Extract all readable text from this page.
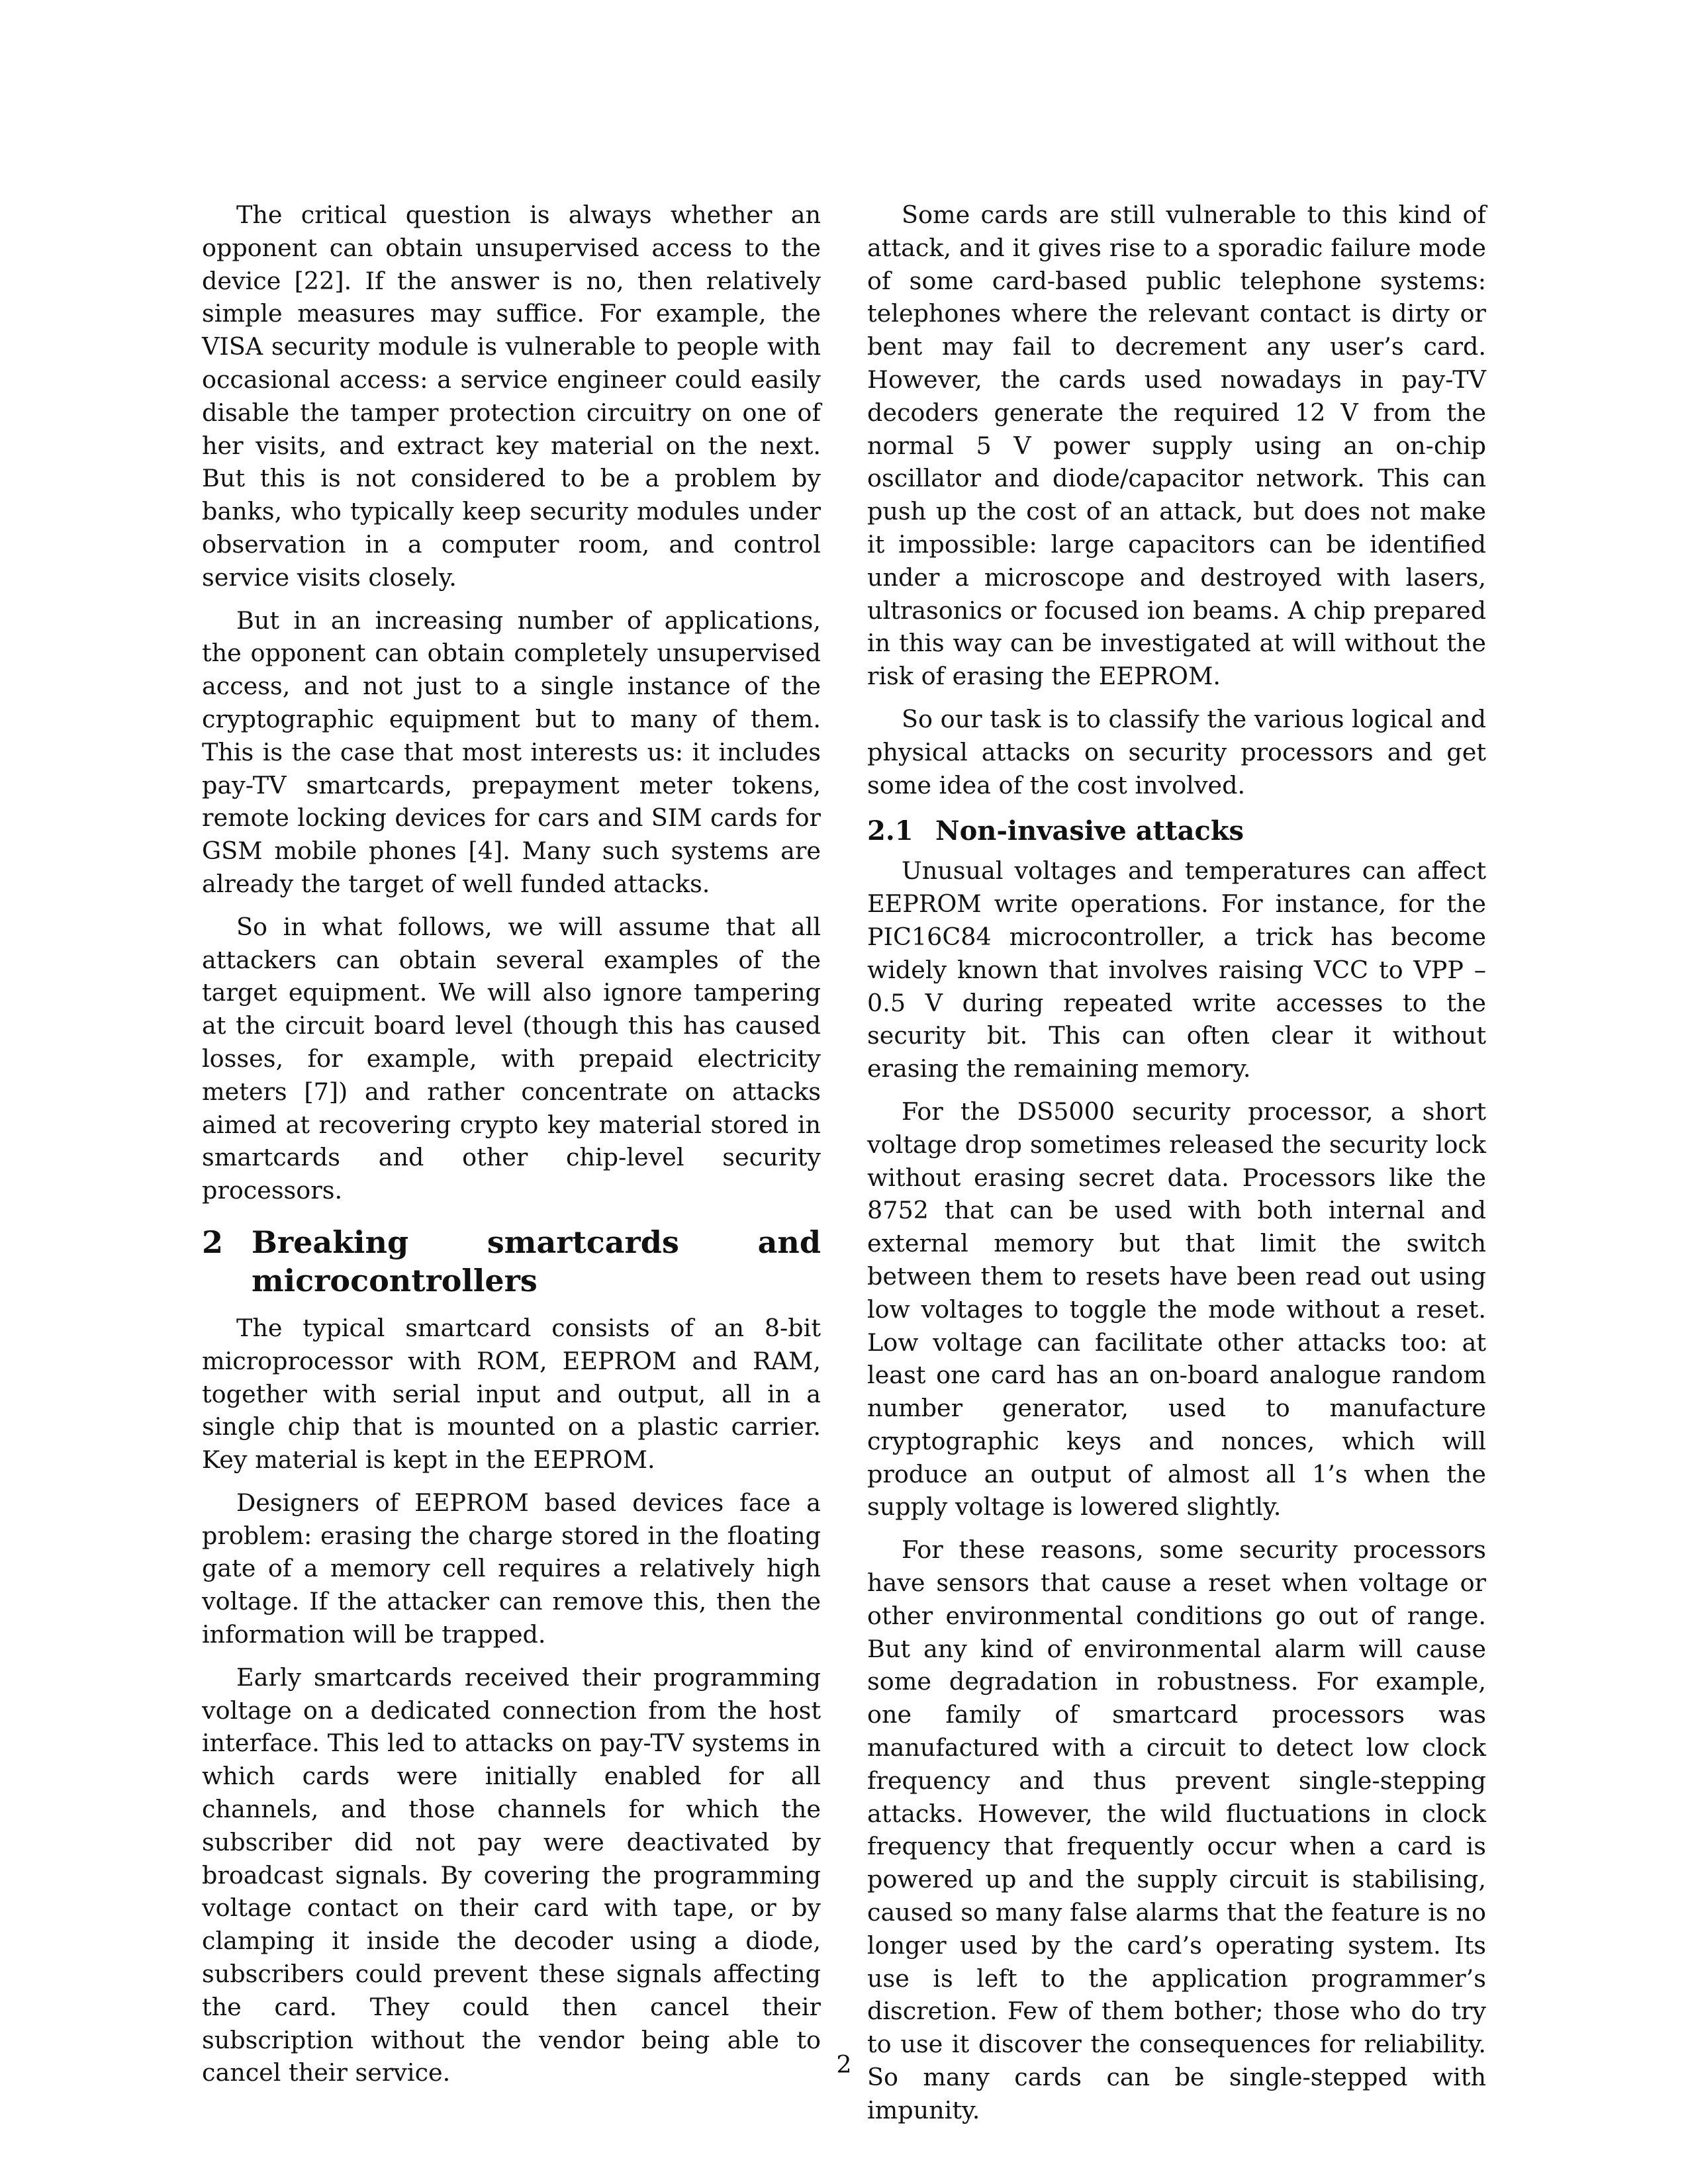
The critical question is always whether an opponent can obtain unsupervised access to the device [22]. If the answer is no, then relatively simple measures may suffice. For example, the VISA security module is vulnerable to people with occasional access: a service engineer could easily disable the tamper protection circuitry on one of her visits, and extract key material on the next. But this is not considered to be a problem by banks, who typically keep security modules under observation in a computer room, and control service visits closely.

But in an increasing number of applications, the opponent can obtain completely unsupervised access, and not just to a single instance of the cryptographic equipment but to many of them. This is the case that most interests us: it includes pay-TV smartcards, prepayment meter tokens, remote locking devices for cars and SIM cards for GSM mobile phones [4]. Many such systems are already the target of well funded attacks.

So in what follows, we will assume that all attackers can obtain several examples of the target equipment. We will also ignore tampering at the circuit board level (though this has caused losses, for example, with prepaid electricity meters [7]) and rather concentrate on attacks aimed at recovering crypto key material stored in smartcards and other chip-level security processors.

2 Breaking smartcards and microcontrollers

The typical smartcard consists of an 8-bit microprocessor with ROM, EEPROM and RAM, together with serial input and output, all in a single chip that is mounted on a plastic carrier. Key material is kept in the EEPROM.

Designers of EEPROM based devices face a problem: erasing the charge stored in the floating gate of a memory cell requires a relatively high voltage. If the attacker can remove this, then the information will be trapped.

Early smartcards received their programming voltage on a dedicated connection from the host interface. This led to attacks on pay-TV systems in which cards were initially enabled for all channels, and those channels for which the subscriber did not pay were deactivated by broadcast signals. By covering the programming voltage contact on their card with tape, or by clamping it inside the decoder using a diode, subscribers could prevent these signals affecting the card. They could then cancel their subscription without the vendor being able to cancel their service.

Some cards are still vulnerable to this kind of attack, and it gives rise to a sporadic failure mode of some card-based public telephone systems: telephones where the relevant contact is dirty or bent may fail to decrement any user’s card. However, the cards used nowadays in pay-TV decoders generate the required 12 V from the normal 5 V power supply using an on-chip oscillator and diode/capacitor network. This can push up the cost of an attack, but does not make it impossible: large capacitors can be identified under a microscope and destroyed with lasers, ultrasonics or focused ion beams. A chip prepared in this way can be investigated at will without the risk of erasing the EEPROM.

So our task is to classify the various logical and physical attacks on security processors and get some idea of the cost involved.

2.1 Non-invasive attacks

Unusual voltages and temperatures can affect EEPROM write operations. For instance, for the PIC16C84 microcontroller, a trick has become widely known that involves raising VCC to VPP – 0.5 V during repeated write accesses to the security bit. This can often clear it without erasing the remaining memory.

For the DS5000 security processor, a short voltage drop sometimes released the security lock without erasing secret data. Processors like the 8752 that can be used with both internal and external memory but that limit the switch between them to resets have been read out using low voltages to toggle the mode without a reset. Low voltage can facilitate other attacks too: at least one card has an on-board analogue random number generator, used to manufacture cryptographic keys and nonces, which will produce an output of almost all 1’s when the supply voltage is lowered slightly.

For these reasons, some security processors have sensors that cause a reset when voltage or other environmental conditions go out of range. But any kind of environmental alarm will cause some degradation in robustness. For example, one family of smartcard processors was manufactured with a circuit to detect low clock frequency and thus prevent single-stepping attacks. However, the wild fluctuations in clock frequency that frequently occur when a card is powered up and the supply circuit is stabilising, caused so many false alarms that the feature is no longer used by the card’s operating system. Its use is left to the application programmer’s discretion. Few of them bother; those who do try to use it discover the consequences for reliability. So many cards can be single-stepped with impunity.

2
